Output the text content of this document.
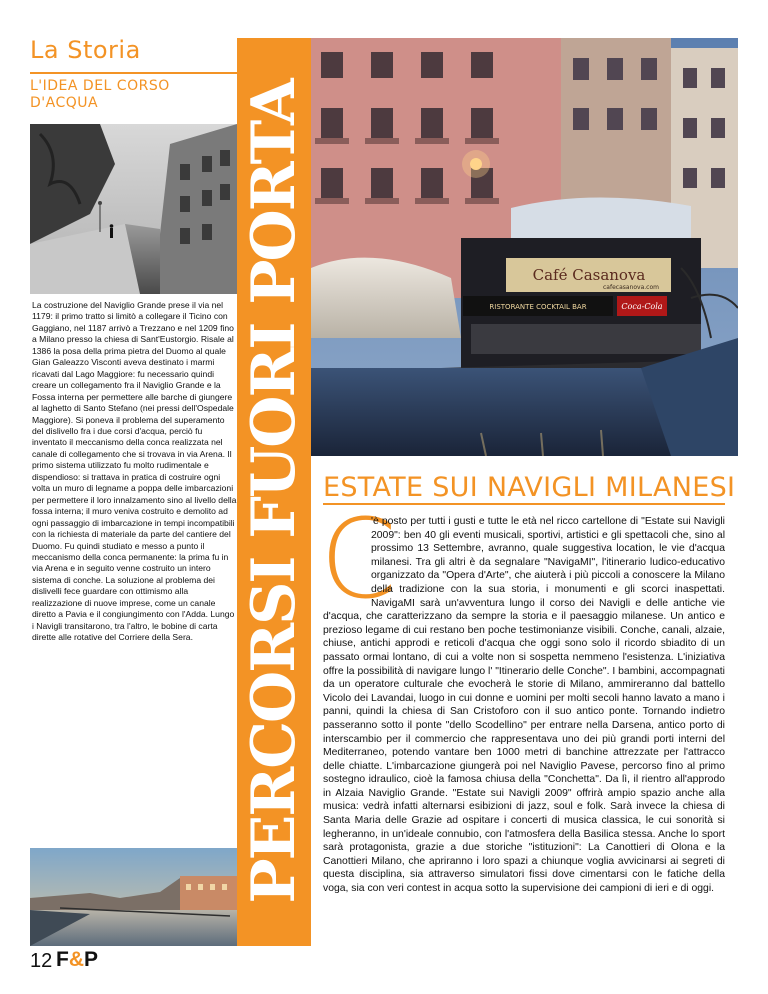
La Storia
L'IDEA DEL CORSO D'ACQUA
La costruzione del Naviglio Grande prese il via nel 1179: il primo tratto si limitò a collegare il Ticino con Gaggiano, nel 1187 arrivò a Trezzano e nel 1209 fino a Milano presso la chiesa di Sant'Eustorgio. Risale al 1386 la posa della prima pietra del Duomo al quale Gian Galeazzo Visconti aveva destinato i marmi ricavati dal Lago Maggiore: fu necessario quindi creare un collegamento fra il Naviglio Grande e la Fossa interna per permettere alle barche di giungere al laghetto di Santo Stefano (nei pressi dell'Ospedale Maggiore). Si poneva il problema del superamento del dislivello fra i due corsi d'acqua, perciò fu inventato il meccanismo della conca realizzata nel canale di collegamento che si trovava in via Arena. Il primo sistema utilizzato fu molto rudimentale e dispendioso: si trattava in pratica di costruire ogni volta un muro di legname a poppa delle imbarcazioni per permettere il loro innalzamento sino al livello della fossa interna; il muro veniva costruito e demolito ad ogni passaggio di imbarcazione in tempi incompatibili con la richiesta di materiale da parte del cantiere del Duomo. Fu quindi studiato e messo a punto il meccanismo della conca permanente: la prima fu in via Arena e in seguito venne costruito un intero sistema di conche. La soluzione al problema dei dislivelli fece guardare con ottimismo alla realizzazione di nuove imprese, come un canale diretto a Pavia e il congiungimento con l'Adda. Lungo i Navigli transitarono, tra l'altro, le bobine di carta dirette alle rotative del Corriere della Sera.
12 F&P
PERCORSI FUORI PORTA	Café Casanova
cafecasanova.com
RISTORANTE COCKTAIL BAR	Coca-Cola
ESTATE SUI NAVIGLI MILANESI
C
'è posto per tutti i gusti e tutte le età nel ricco cartellone di "Estate sui Navigli 2009": ben 40 gli eventi musicali, sportivi, artistici e gli spettacoli che, sino al prossimo 13 Settembre, avranno, quale suggestiva location, le vie d'acqua milanesi. Tra gli altri è da segnalare "NavigaMI", l'itinerario ludico-educativo organizzato da "Opera d'Arte", che aiuterà i più piccoli a conoscere la Milano della tradizione con la sua storia, i monumenti e gli scorci inaspettati. NavigaMI sarà un'avventura lungo il corso dei Navigli e delle antiche vie d'acqua, che caratterizzano da sempre la storia e il paesaggio milanese. Un antico e prezioso legame di cui restano ben poche testimonianze visibili. Conche, canali, alzaie, chiuse, antichi approdi e reticoli d'acqua che oggi sono solo il ricordo sbiadito di un passato ormai lontano, di cui a volte non si sospetta nemmeno l'esistenza. L'iniziativa offre la possibilità di navigare lungo l' "Itinerario delle Conche". I bambini, accompagnati da un operatore culturale che evocherà le storie di Milano, ammireranno dal battello Vicolo dei Lavandai, luogo in cui donne e uomini per molti secoli hanno lavato a mano i panni, quindi la chiesa di San Cristoforo con il suo antico ponte. Tornando indietro passeranno sotto il ponte "dello Scodellino" per entrare nella Darsena, antico porto di interscambio per il commercio che rappresentava uno dei più grandi porti interni del Mediterraneo, potendo vantare ben 1000 metri di banchine attrezzate per l'attracco delle chiatte. L'imbarcazione giungerà poi nel Naviglio Pavese, percorso fino al primo sostegno idraulico, cioè la famosa chiusa della "Conchetta". Da lì, il rientro all'approdo in Alzaia Naviglio Grande. "Estate sui Navigli 2009" offrirà ampio spazio anche alla musica: vedrà infatti alternarsi esibizioni di jazz, soul e folk. Sarà invece la chiesa di Santa Maria delle Grazie ad ospitare i concerti di musica classica, le cui sonorità si legheranno, in un'ideale connubio, con l'atmosfera della Basilica stessa. Anche lo sport sarà protagonista, grazie a due storiche "istituzioni": La Canottieri di Olona e la Canottieri Milano, che apriranno i loro spazi a chiunque voglia avvicinarsi ai segreti di questa disciplina, sia attraverso simulatori fissi dove cimentarsi con le fatiche della voga, sia con veri contest in acqua sotto la supervisione dei campioni di ieri e di oggi.
